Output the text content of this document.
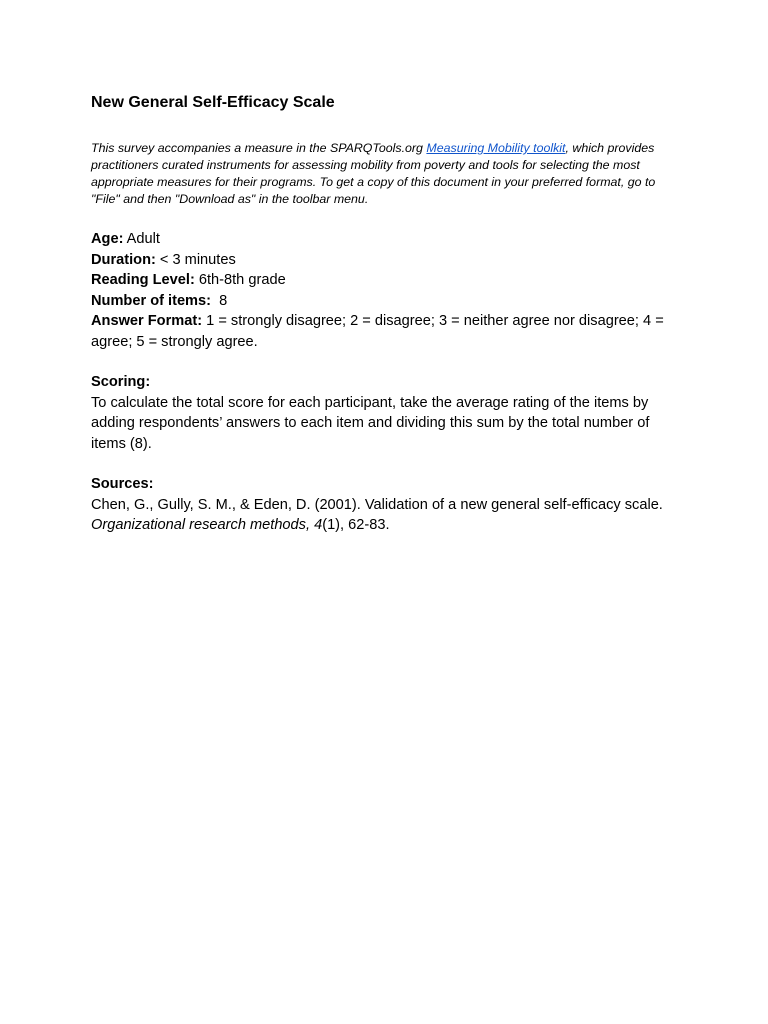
New General Self-Efficacy Scale

This survey accompanies a measure in the SPARQTools.org Measuring Mobility toolkit, which provides practitioners curated instruments for assessing mobility from poverty and tools for selecting the most appropriate measures for their programs. To get a copy of this document in your preferred format, go to "File" and then "Download as" in the toolbar menu.

Age: Adult
Duration: < 3 minutes
Reading Level: 6th-8th grade
Number of items:  8
Answer Format: 1 = strongly disagree; 2 = disagree; 3 = neither agree nor disagree; 4 = agree; 5 = strongly agree.
Scoring:
To calculate the total score for each participant, take the average rating of the items by adding respondents’ answers to each item and dividing this sum by the total number of items (8).
Sources:
Chen, G., Gully, S. M., & Eden, D. (2001). Validation of a new general self-efficacy scale. Organizational research methods, 4(1), 62-83.
